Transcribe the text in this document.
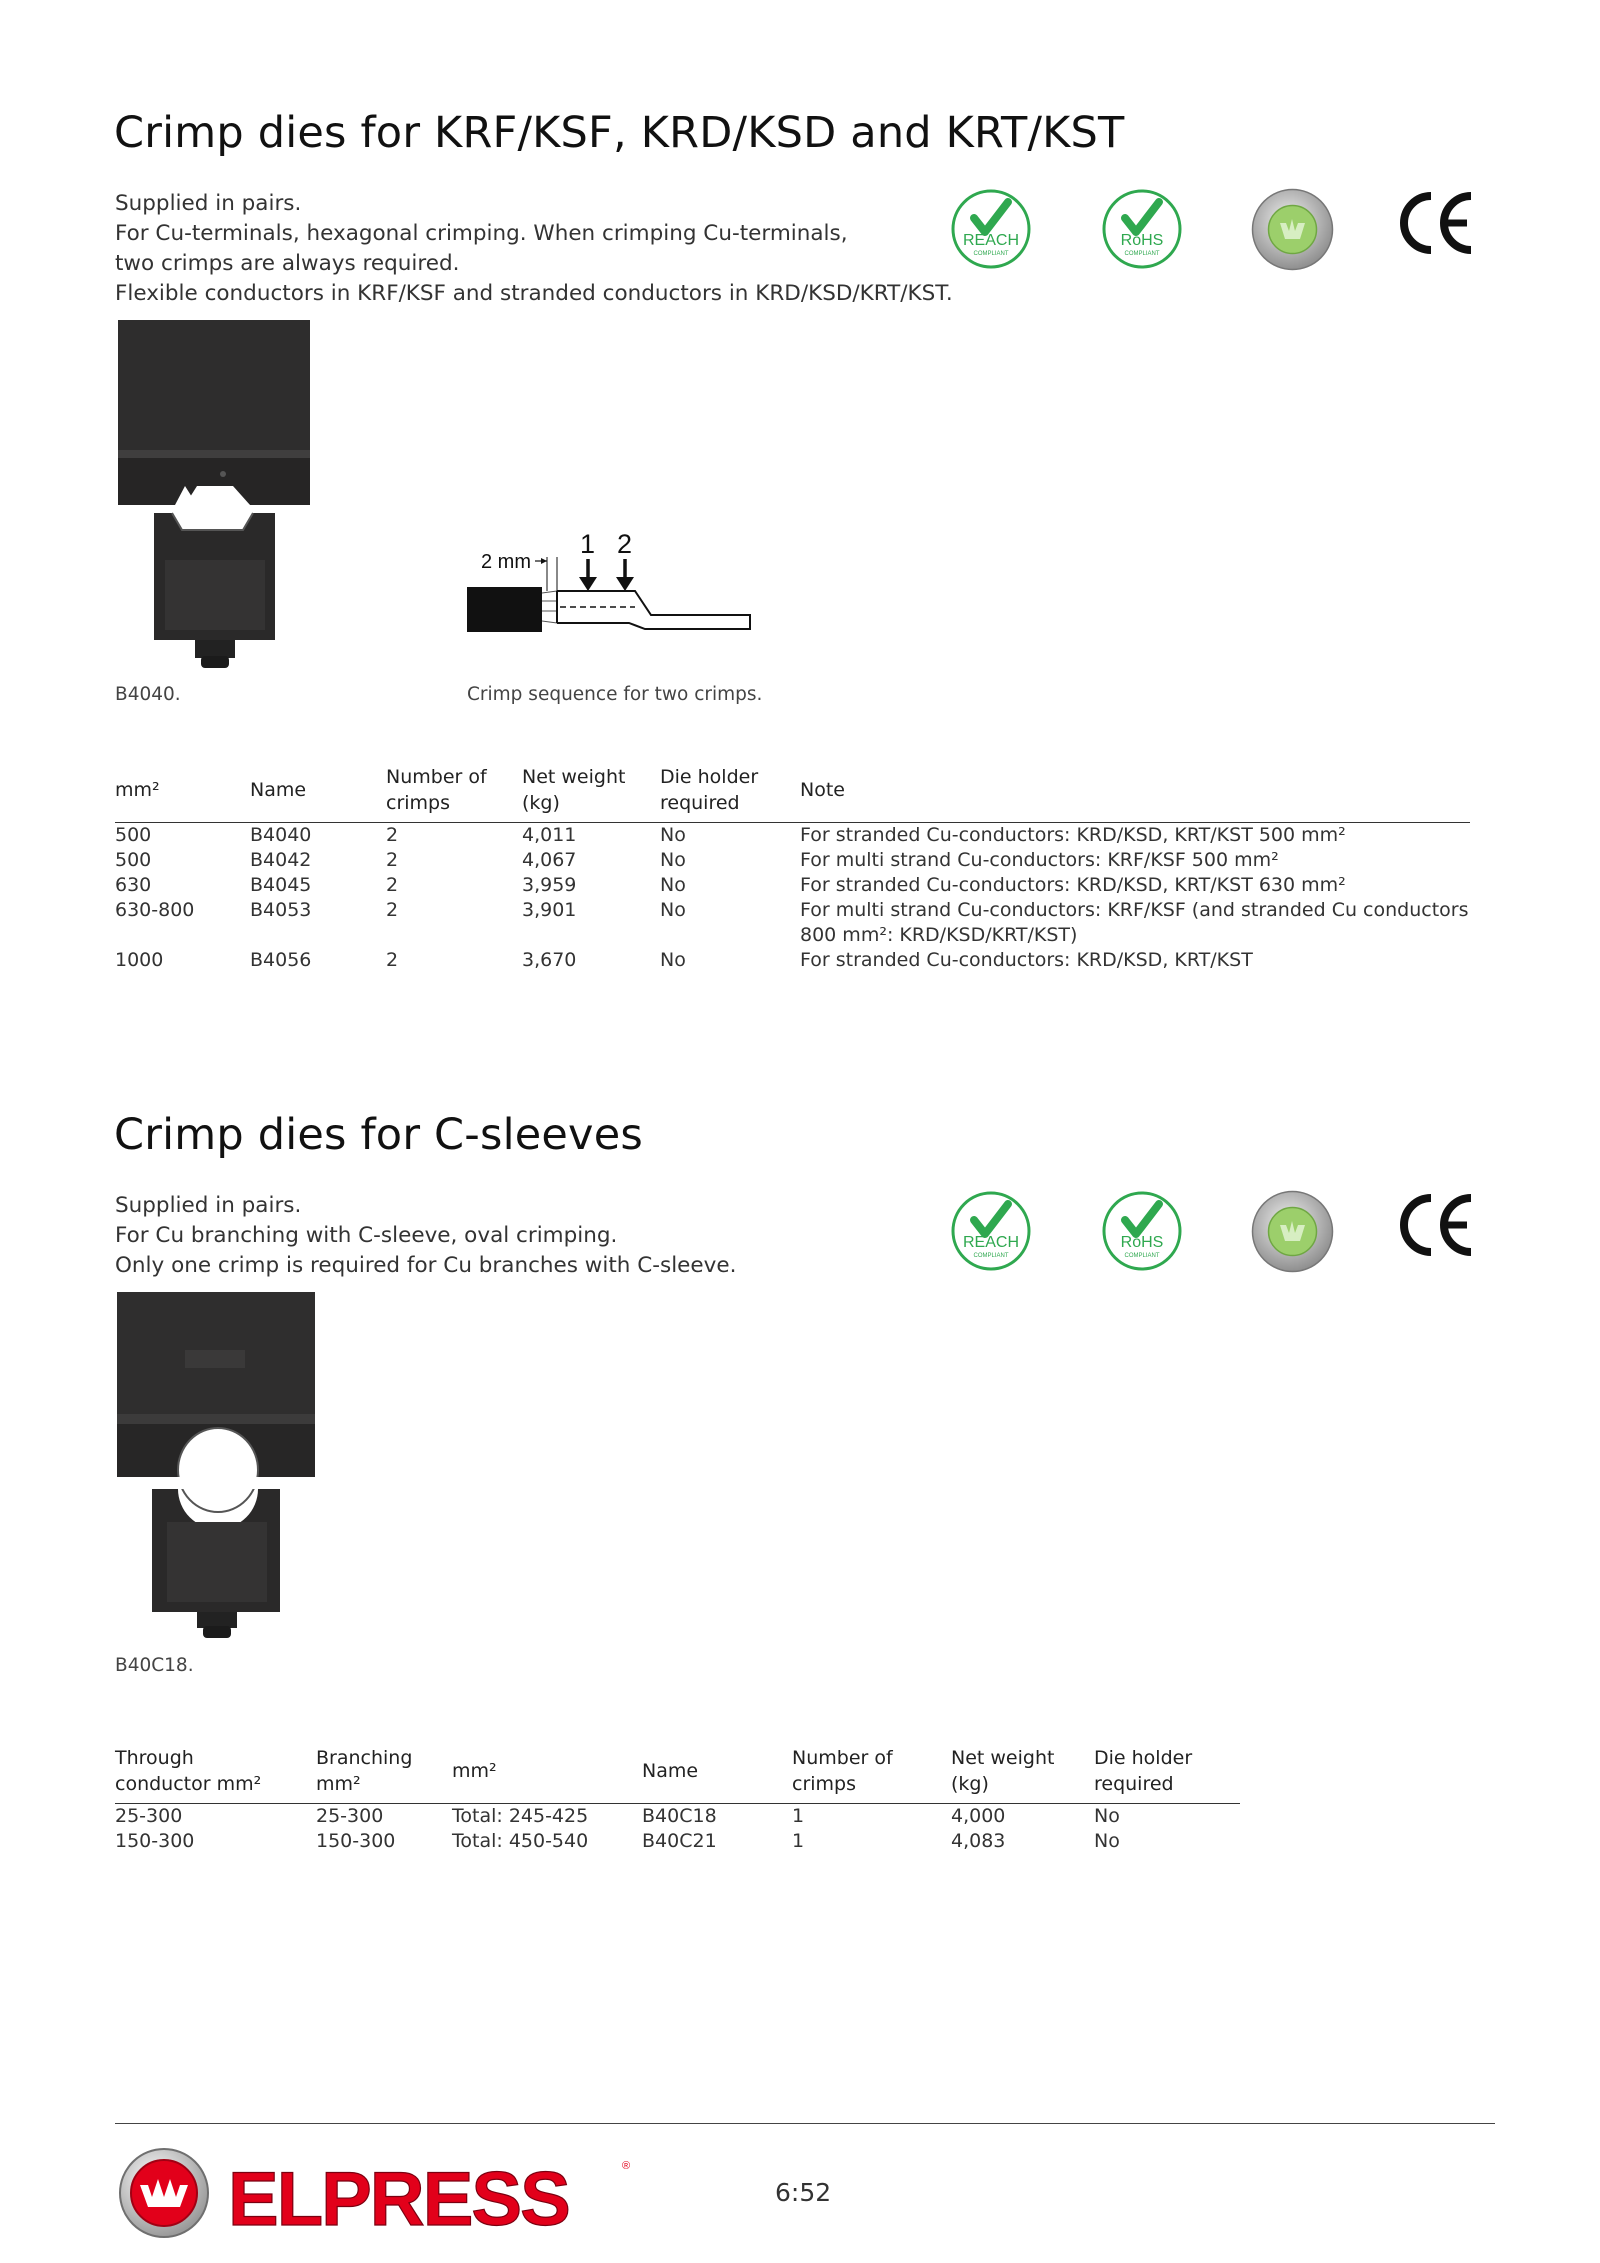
Crimp dies for KRF/KSF, KRD/KSD and KRT/KST
Supplied in pairs.
For Cu-terminals, hexagonal crimping. When crimping Cu-terminals,
two crimps are always required.
Flexible conductors in KRF/KSF and stranded conductors in KRD/KSD/KRT/KST.
REACH
COMPLIANT
RoHS
COMPLIANT
B4040.
2 mm
1 2
Crimp sequence for two crimps.
mm²	Name	Number of crimps	Net weight (kg)	Die holder required	Note
500	B4040	2	4,011	No	For stranded Cu-conductors: KRD/KSD, KRT/KST 500 mm²
500	B4042	2	4,067	No	For multi strand Cu-conductors: KRF/KSF 500 mm²
630	B4045	2	3,959	No	For stranded Cu-conductors: KRD/KSD, KRT/KST 630 mm²
630-800	B4053	2	3,901	No	For multi strand Cu-conductors: KRF/KSF (and stranded Cu conductors 800 mm²: KRD/KSD/KRT/KST)
1000	B4056	2	3,670	No	For stranded Cu-conductors: KRD/KSD, KRT/KST
Crimp dies for C-sleeves
Supplied in pairs.
For Cu branching with C-sleeve, oval crimping.
Only one crimp is required for Cu branches with C-sleeve.
REACH
COMPLIANT
RoHS
COMPLIANT
B40C18.
Through conductor mm²	Branching mm²	mm²	Name	Number of crimps	Net weight (kg)	Die holder required
25-300	25-300	Total: 245-425	B40C18	1	4,000	No
150-300	150-300	Total: 450-540	B40C21	1	4,083	No
ELPRESS	®
6:52
